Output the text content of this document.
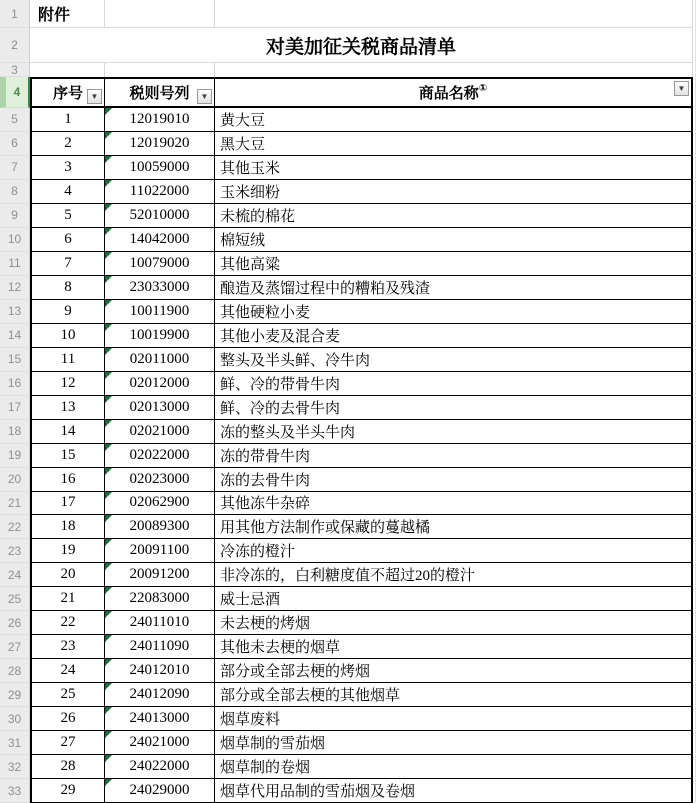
1	附件
2	对美加征关税商品清单
3
4	序号 ▼ 税则号列 ▼	商品名称 ①	▼
5	1	12019010 黄大豆
6	2	12019020 黑大豆
7	3	10059000 其他玉米
8	4	11022000 玉米细粉
9	5	52010000 未梳的棉花
10	6	14042000 棉短绒
11	7	10079000 其他高粱
12	8	23033000 酿造及蒸馏过程中的糟粕及残渣
13	9	10011900 其他硬粒小麦
14	10	10019900 其他小麦及混合麦
15	11	02011000 整头及半头鲜、冷牛肉
16	12	02012000 鲜、冷的带骨牛肉
17	13	02013000 鲜、冷的去骨牛肉
18	14	02021000 冻的整头及半头牛肉
19	15	02022000 冻的带骨牛肉
20	16	02023000 冻的去骨牛肉
21	17	02062900 其他冻牛杂碎
22	18	20089300 用其他方法制作或保藏的蔓越橘
23	19	20091100 冷冻的橙汁
24	20	20091200 非冷冻的，白利糖度值不超过20的橙汁
25	21	22083000 威士忌酒
26	22	24011010 未去梗的烤烟
27	23	24011090 其他未去梗的烟草
28	24	24012010 部分或全部去梗的烤烟
29	25	24012090 部分或全部去梗的其他烟草
30	26	24013000 烟草废料
31	27	24021000 烟草制的雪茄烟
32	28	24022000 烟草制的卷烟
33	29	24029000 烟草代用品制的雪茄烟及卷烟
